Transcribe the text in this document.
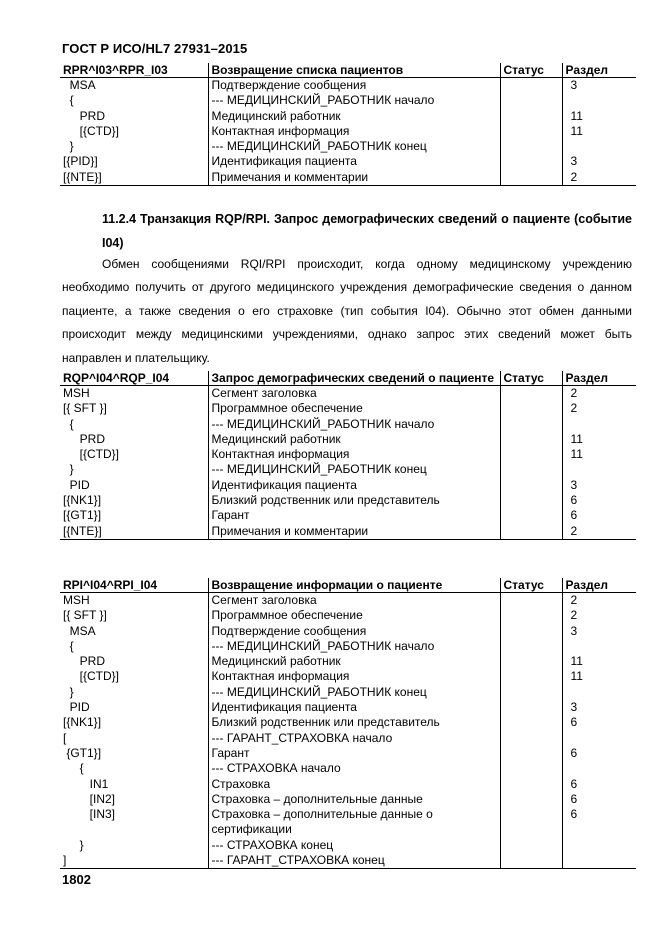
ГОСТ Р ИСО/HL7 27931–2015
RPR^I03^RPR_I03	Возвращение списка пациентов	Статус	Раздел
MSA	Подтверждение сообщения		3
{	--- МЕДИЦИНСКИЙ_РАБОТНИК начало		
PRD	Медицинский работник		11
[{CTD}]	Контактная информация		11
}	--- МЕДИЦИНСКИЙ_РАБОТНИК конец		
[{PID}]	Идентификация пациента		3
[{NTE}]	Примечания и комментарии		2
11.2.4 Транзакция RQP/RPI. Запрос демографических сведений о пациенте (событие I04)
Обмен сообщениями RQI/RPI происходит, когда одному медицинскому учреждению необходимо получить от другого медицинского учреждения демографические сведения о данном пациенте, а также сведения о его страховке (тип события I04). Обычно этот обмен данными происходит между медицинскими учреждениями, однако запрос этих сведений может быть направлен и плательщику.
RQP^I04^RQP_I04	Запрос демографических сведений о пациенте	Статус	Раздел
MSH	Сегмент заголовка		2
[{ SFT }]	Программное обеспечение		2
{	--- МЕДИЦИНСКИЙ_РАБОТНИК начало		
PRD	Медицинский работник		11
[{CTD}]	Контактная информация		11
}	--- МЕДИЦИНСКИЙ_РАБОТНИК конец		
PID	Идентификация пациента		3
[{NK1}]	Близкий родственник или представитель		6
[{GT1}]	Гарант		6
[{NTE}]	Примечания и комментарии		2
RPI^I04^RPI_I04	Возвращение информации о пациенте	Статус	Раздел
MSH	Сегмент заголовка		2
[{ SFT }]	Программное обеспечение		2
MSA	Подтверждение сообщения		3
{	--- МЕДИЦИНСКИЙ_РАБОТНИК начало		
PRD	Медицинский работник		11
[{CTD}]	Контактная информация		11
}	--- МЕДИЦИНСКИЙ_РАБОТНИК конец		
PID	Идентификация пациента		3
[{NK1}]	Близкий родственник или представитель		6
[	--- ГАРАНТ_СТРАХОВКА начало		
{GT1}]	Гарант		6
{	--- СТРАХОВКА начало		
IN1	Страховка		6
[IN2]	Страховка – дополнительные данные		6
[IN3]	Страховка – дополнительные данные о сертификации		6
}	--- СТРАХОВКА конец		
]	--- ГАРАНТ_СТРАХОВКА конец		
1802
